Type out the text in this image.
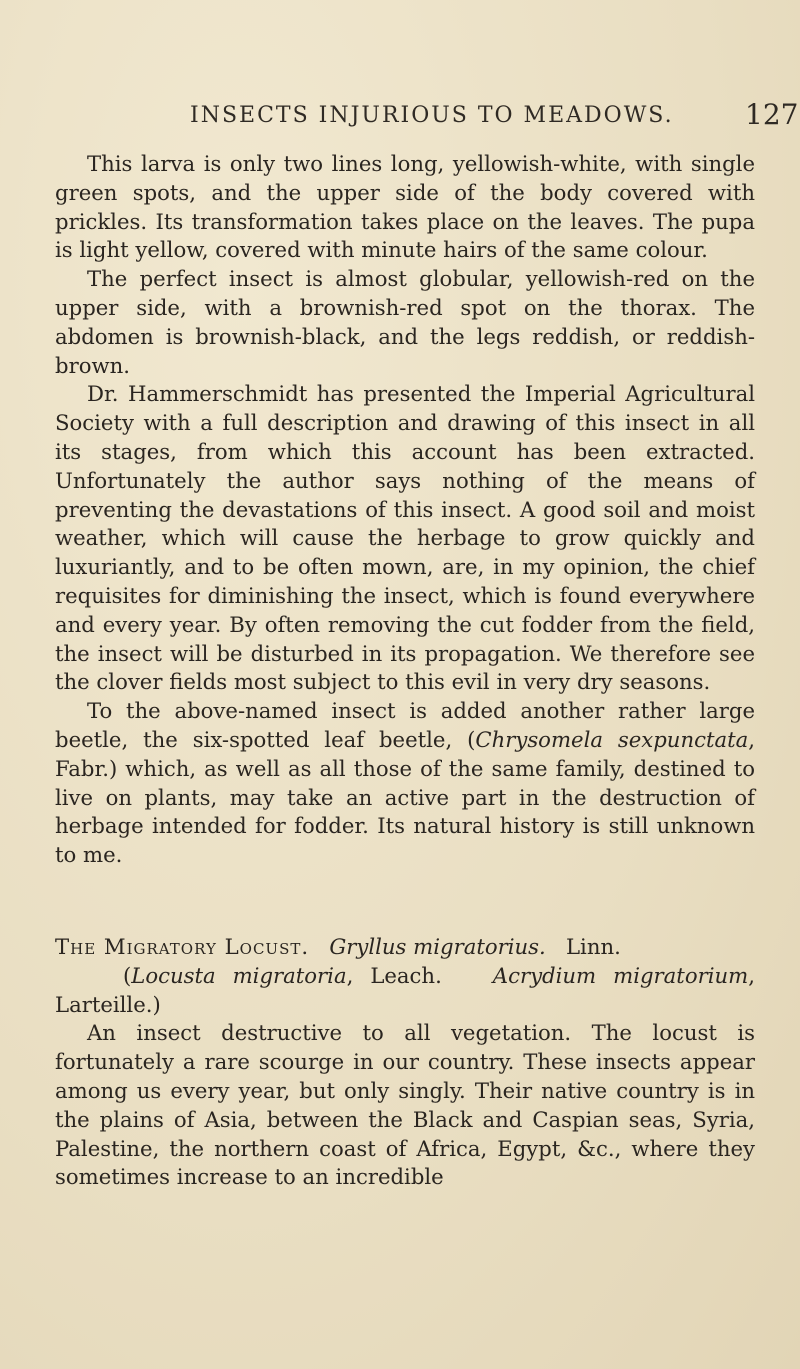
INSECTS INJURIOUS TO MEADOWS.	127

This larva is only two lines long, yellowish-white, with single green spots, and the upper side of the body covered with prickles. Its transformation takes place on the leaves. The pupa is light yellow, covered with minute hairs of the same colour.

The perfect insect is almost globular, yellowish-red on the upper side, with a brownish-red spot on the thorax. The abdomen is brownish-black, and the legs reddish, or reddish-brown.

Dr. Hammerschmidt has presented the Imperial Agricultural Society with a full description and drawing of this insect in all its stages, from which this account has been extracted. Unfortunately the author says nothing of the means of preventing the devastations of this insect. A good soil and moist weather, which will cause the herbage to grow quickly and luxuriantly, and to be often mown, are, in my opinion, the chief requisites for diminishing the insect, which is found everywhere and every year. By often removing the cut fodder from the field, the insect will be disturbed in its propagation. We therefore see the clover fields most subject to this evil in very dry seasons.

To the above-named insect is added another rather large beetle, the six-spotted leaf beetle, (Chrysomela sexpunctata, Fabr.) which, as well as all those of the same family, destined to live on plants, may take an active part in the destruction of herbage intended for fodder. Its natural history is still unknown to me.

The Migratory Locust. Gryllus migratorius. Linn.
(Locusta migratoria, Leach. Acrydium migratorium, Larteille.)

An insect destructive to all vegetation. The locust is fortunately a rare scourge in our country. These insects appear among us every year, but only singly. Their native country is in the plains of Asia, between the Black and Caspian seas, Syria, Palestine, the northern coast of Africa, Egypt, &c., where they sometimes increase to an incredible
